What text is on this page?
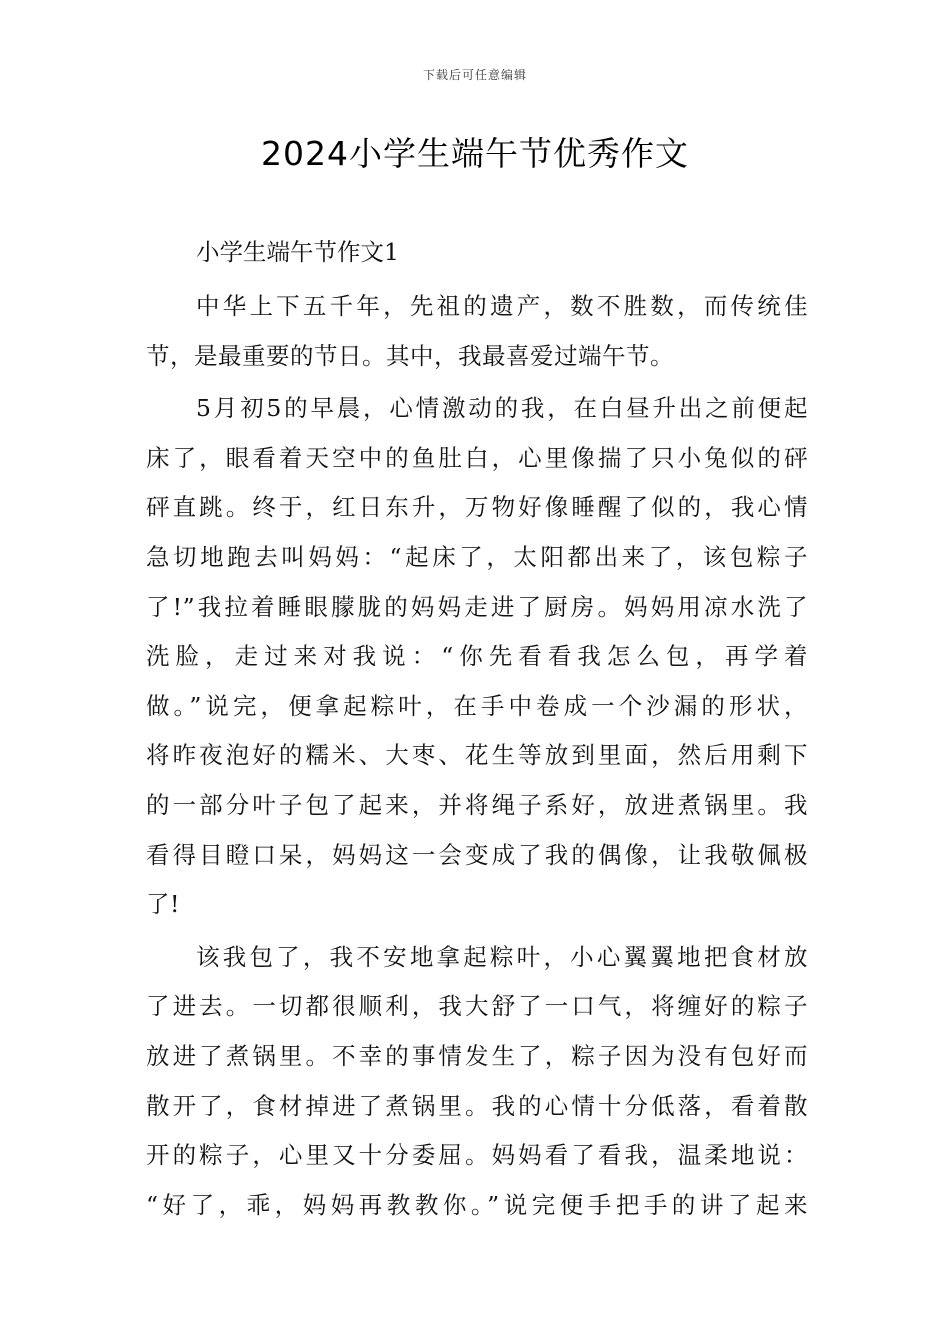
下载后可任意编辑
2024小学生端午节优秀作文
小学生端午节作文1
中华上下五千年，先祖的遗产，数不胜数，而传统佳
节，是最重要的节日。其中，我最喜爱过端午节。
5月初5的早晨，心情激动的我，在白昼升出之前便起
床了，眼看着天空中的鱼肚白，心里像揣了只小兔似的砰
砰直跳。终于，红日东升，万物好像睡醒了似的，我心情
急切地跑去叫妈妈：“起床了，太阳都出来了，该包粽子
了!”我拉着睡眼朦胧的妈妈走进了厨房。妈妈用凉水洗了
洗脸，走过来对我说：“你先看看我怎么包，再学着
做。”说完，便拿起粽叶，在手中卷成一个沙漏的形状，
将昨夜泡好的糯米、大枣、花生等放到里面，然后用剩下
的一部分叶子包了起来，并将绳子系好，放进煮锅里。我
看得目瞪口呆，妈妈这一会变成了我的偶像，让我敬佩极
了!
该我包了，我不安地拿起粽叶，小心翼翼地把食材放
了进去。一切都很顺利，我大舒了一口气，将缠好的粽子
放进了煮锅里。不幸的事情发生了，粽子因为没有包好而
散开了，食材掉进了煮锅里。我的心情十分低落，看着散
开的粽子，心里又十分委屈。妈妈看了看我，温柔地说：
“好了，乖，妈妈再教教你。”说完便手把手的讲了起来
